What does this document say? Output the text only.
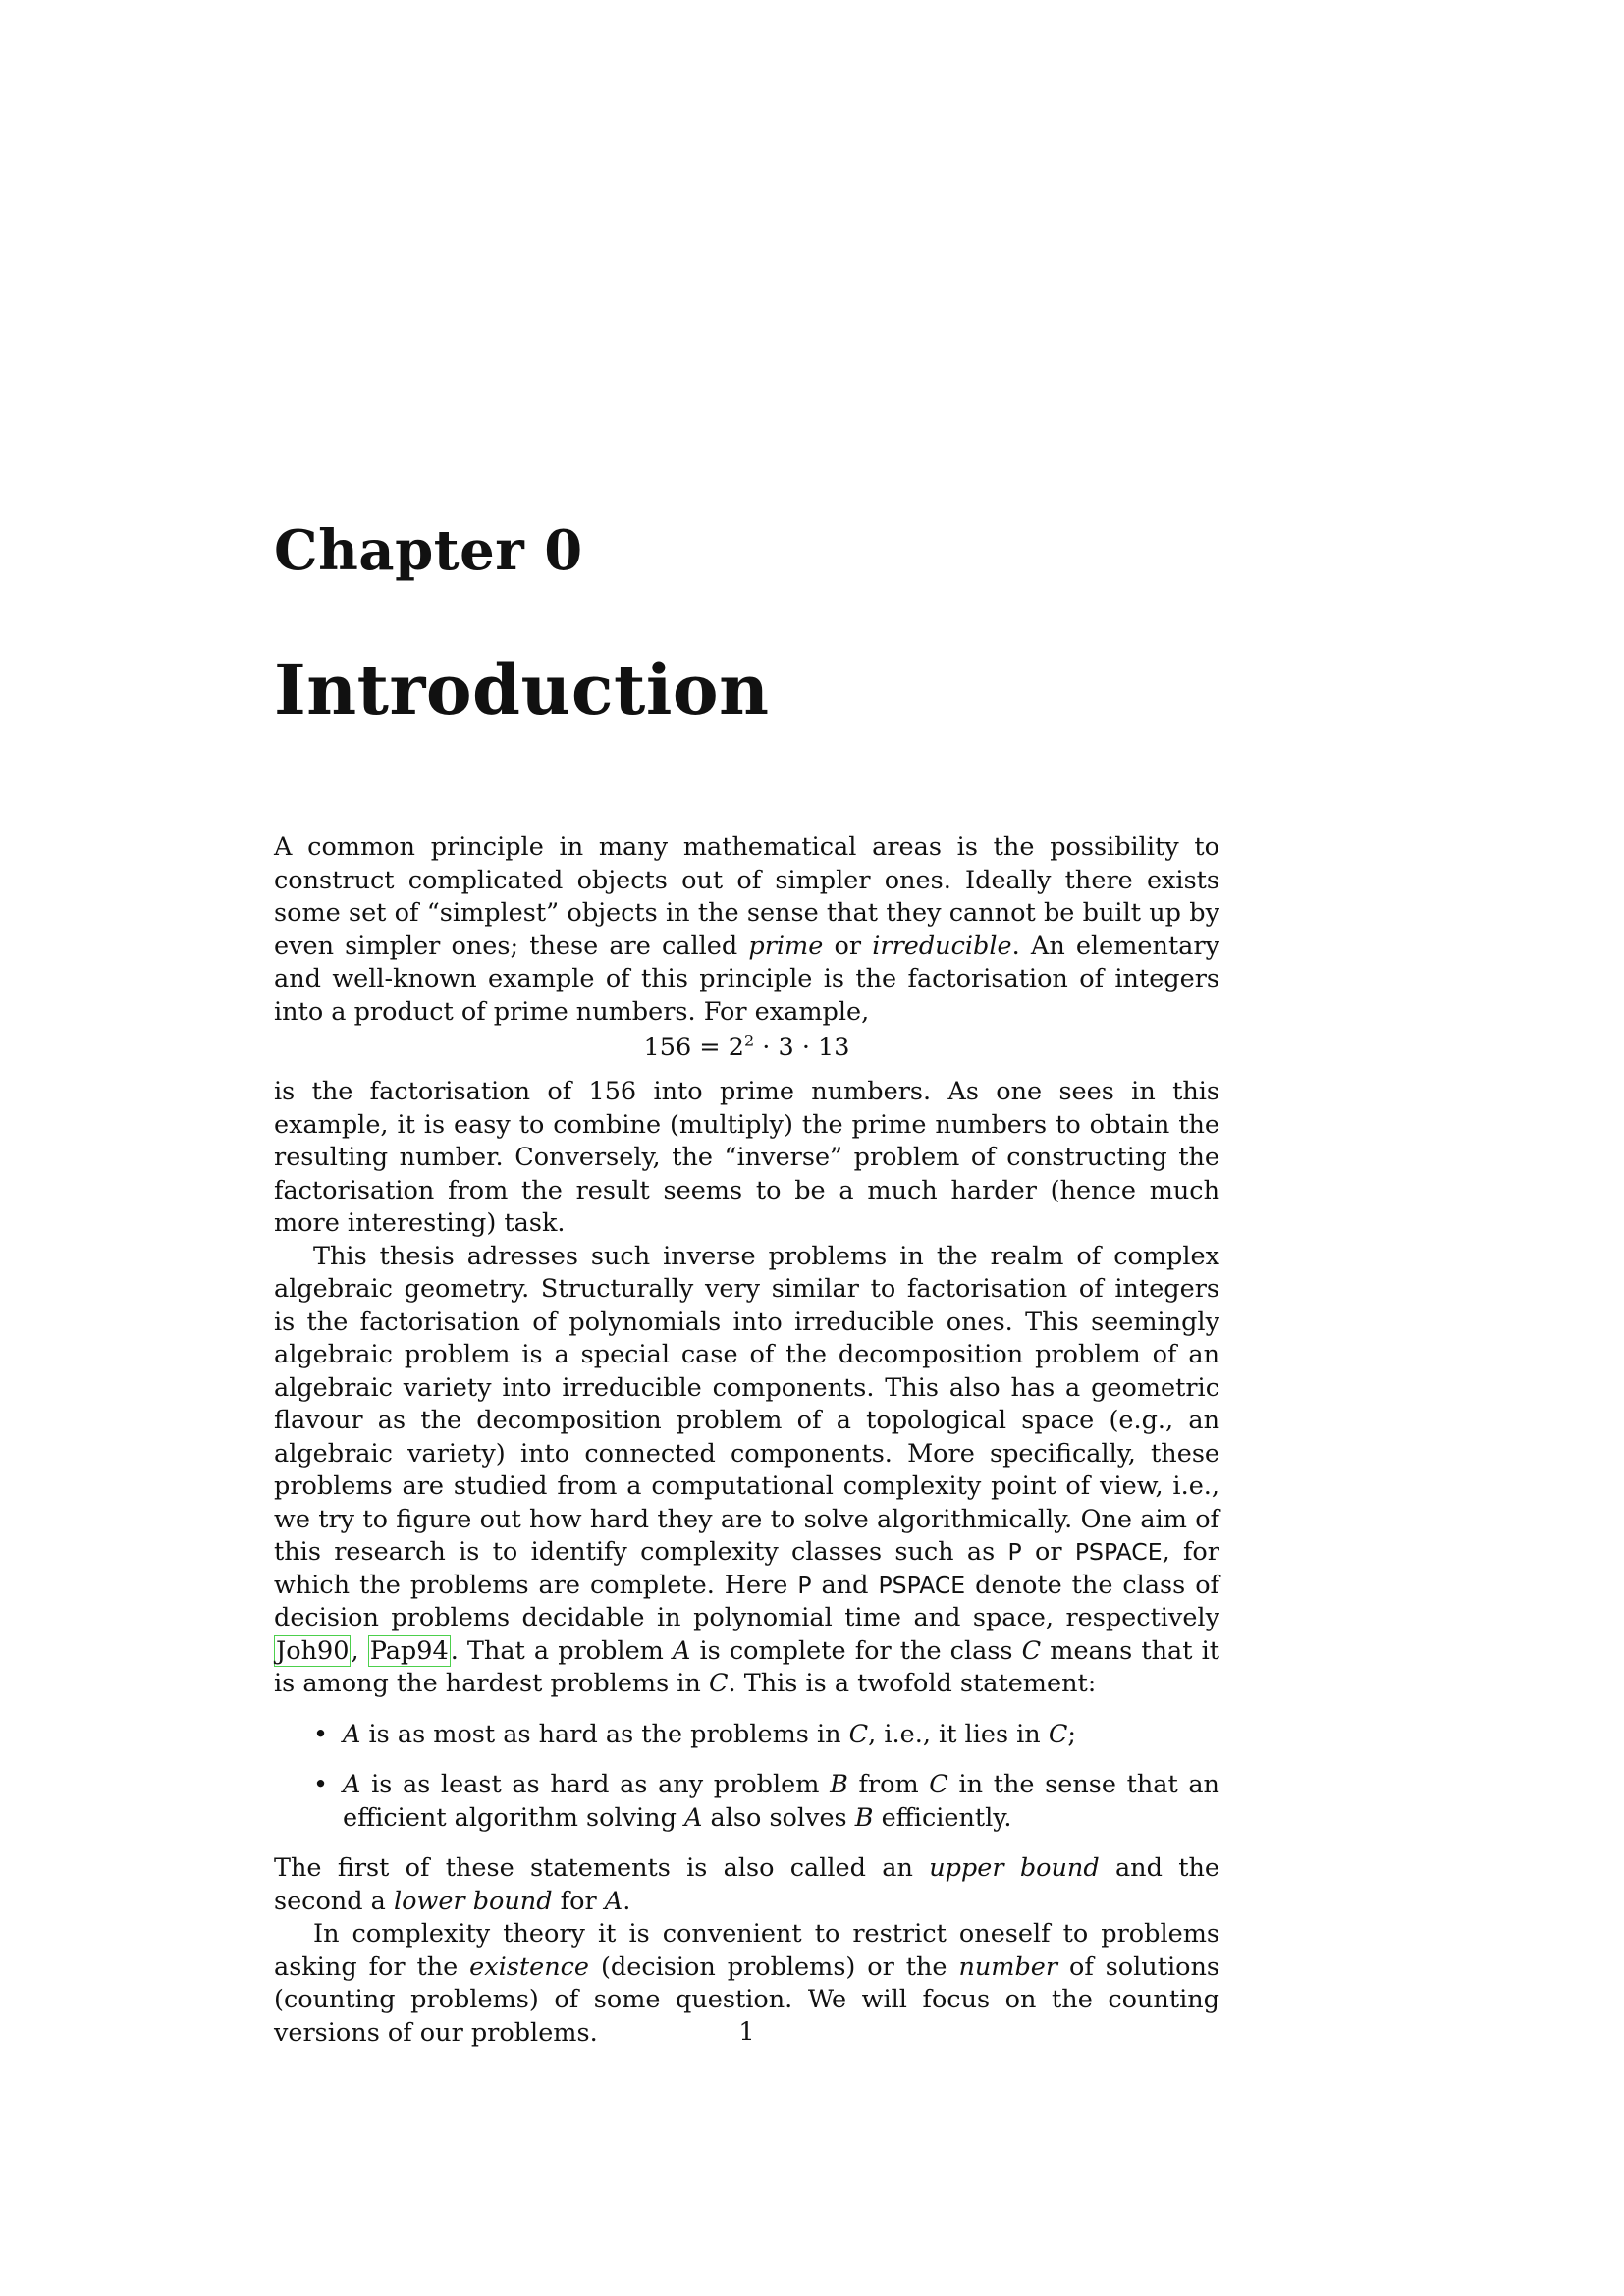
Chapter 0
Introduction

A common principle in many mathematical areas is the possibility to construct complicated objects out of simpler ones. Ideally there exists some set of “simplest” objects in the sense that they cannot be built up by even simpler ones; these are called prime or irreducible. An elementary and well-known example of this principle is the factorisation of integers into a product of prime numbers. For example,

$156 = 2^2 \cdot 3 \cdot 13$

is the factorisation of 156 into prime numbers. As one sees in this example, it is easy to combine (multiply) the prime numbers to obtain the resulting number. Conversely, the “inverse” problem of constructing the factorisation from the result seems to be a much harder (hence much more interesting) task.

This thesis adresses such inverse problems in the realm of complex algebraic geometry. Structurally very similar to factorisation of integers is the factorisation of polynomials into irreducible ones. This seemingly algebraic problem is a special case of the decomposition problem of an algebraic variety into irreducible components. This also has a geometric flavour as the decomposition problem of a topological space (e.g., an algebraic variety) into connected components. More specifically, these problems are studied from a computational complexity point of view, i.e., we try to figure out how hard they are to solve algorithmically. One aim of this research is to identify complexity classes such as P or PSPACE, for which the problems are complete. Here P and PSPACE denote the class of decision problems decidable in polynomial time and space, respectively Joh90, Pap94. That a problem A is complete for the class C means that it is among the hardest problems in C. This is a twofold statement:

• A is as most as hard as the problems in C, i.e., it lies in C;
• A is as least as hard as any problem B from C in the sense that an efficient algorithm solving A also solves B efficiently.

The first of these statements is also called an upper bound and the second a lower bound for A.

In complexity theory it is convenient to restrict oneself to problems asking for the existence (decision problems) or the number of solutions (counting problems) of some question. We will focus on the counting versions of our problems.	1
